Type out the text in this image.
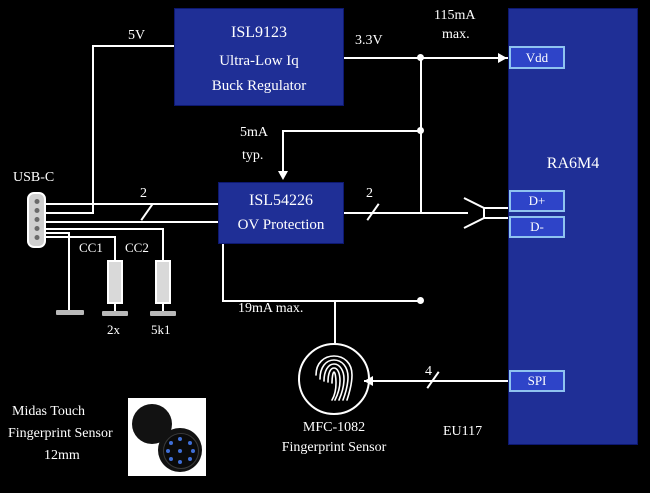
ISL9123
Ultra-Low Iq
Buck Regulator
ISL54226
OV Protection
RA6M4
Vdd
D+
D-
SPI
USB-C
CC1 CC2
2x 5k1
5V	3.3V
115mA
max.
5mA
typ.
19mA max.
2	2
4
EU117
MFC-1082
Fingerprint Sensor
Midas Touch
Fingerprint Sensor
12mm
